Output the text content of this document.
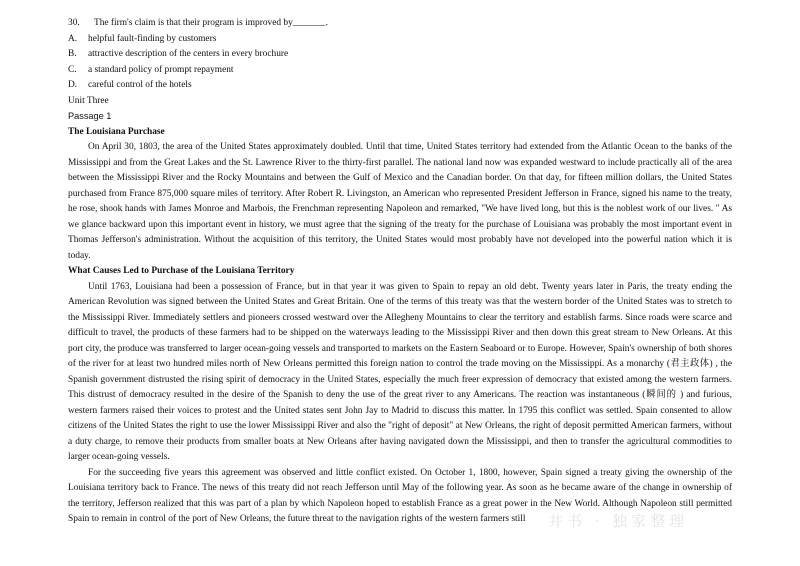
30. The firm's claim is that their program is improved by_______.

A. helpful fault-finding by customers

B. attractive description of the centers in every brochure

C. a standard policy of prompt repayment

D. careful control of the hotels

Unit Three

Passage 1

The Louisiana Purchase

On April 30, 1803, the area of the United States approximately doubled. Until that time, United States territory had extended from the Atlantic Ocean to the banks of the Mississippi and from the Great Lakes and the St. Lawrence River to the thirty-first parallel. The national land now was expanded westward to include practically all of the area between the Mississippi River and the Rocky Mountains and between the Gulf of Mexico and the Canadian border. On that day, for fifteen million dollars, the United States purchased from France 875,000 square miles of territory. After Robert R. Livingston, an American who represented President Jefferson in France, signed his name to the treaty, he rose, shook hands with James Monroe and Marbois, the Frenchman representing Napoleon and remarked, "We have lived long, but this is the noblest work of our lives. " As we glance backward upon this important event in history, we must agree that the signing of the treaty for the purchase of Louisiana was probably the most important event in Thomas Jefferson's administration. Without the acquisition of this territory, the United States would most probably have not developed into the powerful nation which it is today.

What Causes Led to Purchase of the Louisiana Territory

Until 1763, Louisiana had been a possession of France, but in that year it was given to Spain to repay an old debt. Twenty years later in Paris, the treaty ending the American Revolution was signed between the United States and Great Britain. One of the terms of this treaty was that the western border of the United States was to stretch to the Mississippi River. Immediately settlers and pioneers crossed westward over the Allegheny Mountains to clear the territory and establish farms. Since roads were scarce and difficult to travel, the products of these farmers had to be shipped on the waterways leading to the Mississippi River and then down this great stream to New Orleans. At this port city, the produce was transferred to larger ocean-going vessels and transported to markets on the Eastern Seaboard or to Europe. However, Spain's ownership of both shores of the river for at least two hundred miles north of New Orleans permitted this foreign nation to control the trade moving on the Mississippi. As a monarchy (君主政体) , the Spanish government distrusted the rising spirit of democracy in the United States, especially the much freer expression of democracy that existed among the western farmers. This distrust of democracy resulted in the desire of the Spanish to deny the use of the great river to any Americans. The reaction was instantaneous (瞬间的 ) and furious, western farmers raised their voices to protest and the United states sent John Jay to Madrid to discuss this matter. In 1795 this conflict was settled. Spain consented to allow citizens of the United States the right to use the lower Mississippi River and also the "right of deposit" at New Orleans, the right of deposit permitted American farmers, without a duty charge, to remove their products from smaller boats at New Orleans after having navigated down the Mississippi, and then to transfer the agricultural commodities to larger ocean-going vessels.

For the succeeding five years this agreement was observed and little conflict existed. On October 1, 1800, however, Spain signed a treaty giving the ownership of the Louisiana territory back to France. The news of this treaty did not reach Jefferson until May of the following year. As soon as he became aware of the change in ownership of the territory, Jefferson realized that this was part of a plan by which Napoleon hoped to establish France as a great power in the New World. Although Napoleon still permitted Spain to remain in control of the port of New Orleans, the future threat to the navigation rights of the western farmers still	井书 · 独家整理
